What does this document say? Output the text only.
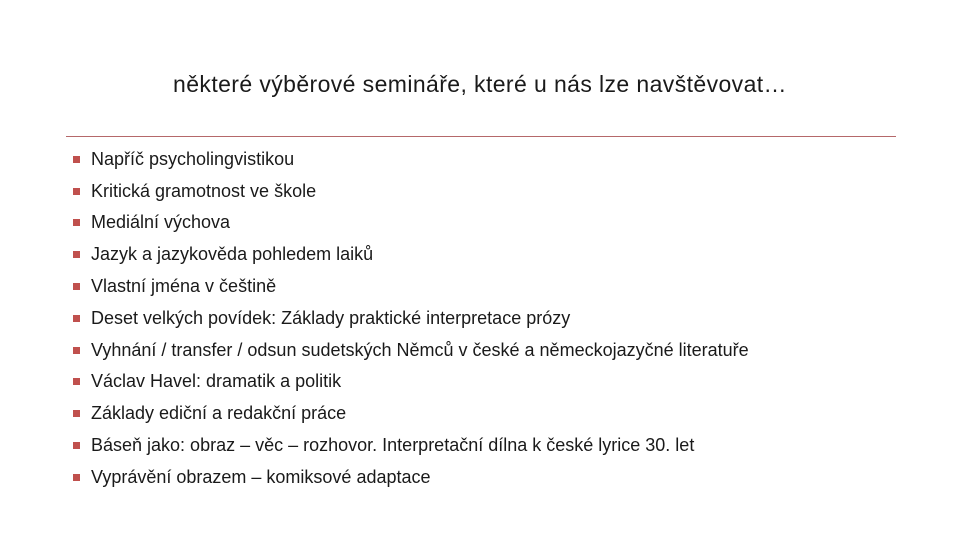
některé výběrové semináře, které u nás lze navštěvovat…
Napříč psycholingvistikou
Kritická gramotnost ve škole
Mediální výchova
Jazyk a jazykověda pohledem laiků
Vlastní jména v češtině
Deset velkých povídek: Základy praktické interpretace prózy
Vyhnání / transfer / odsun sudetských Němců v české a německojazyčné literatuře
Václav Havel: dramatik a politik
Základy ediční a redakční práce
Báseň jako: obraz – věc – rozhovor. Interpretační dílna k české lyrice 30. let
Vyprávění obrazem – komiksové adaptace
